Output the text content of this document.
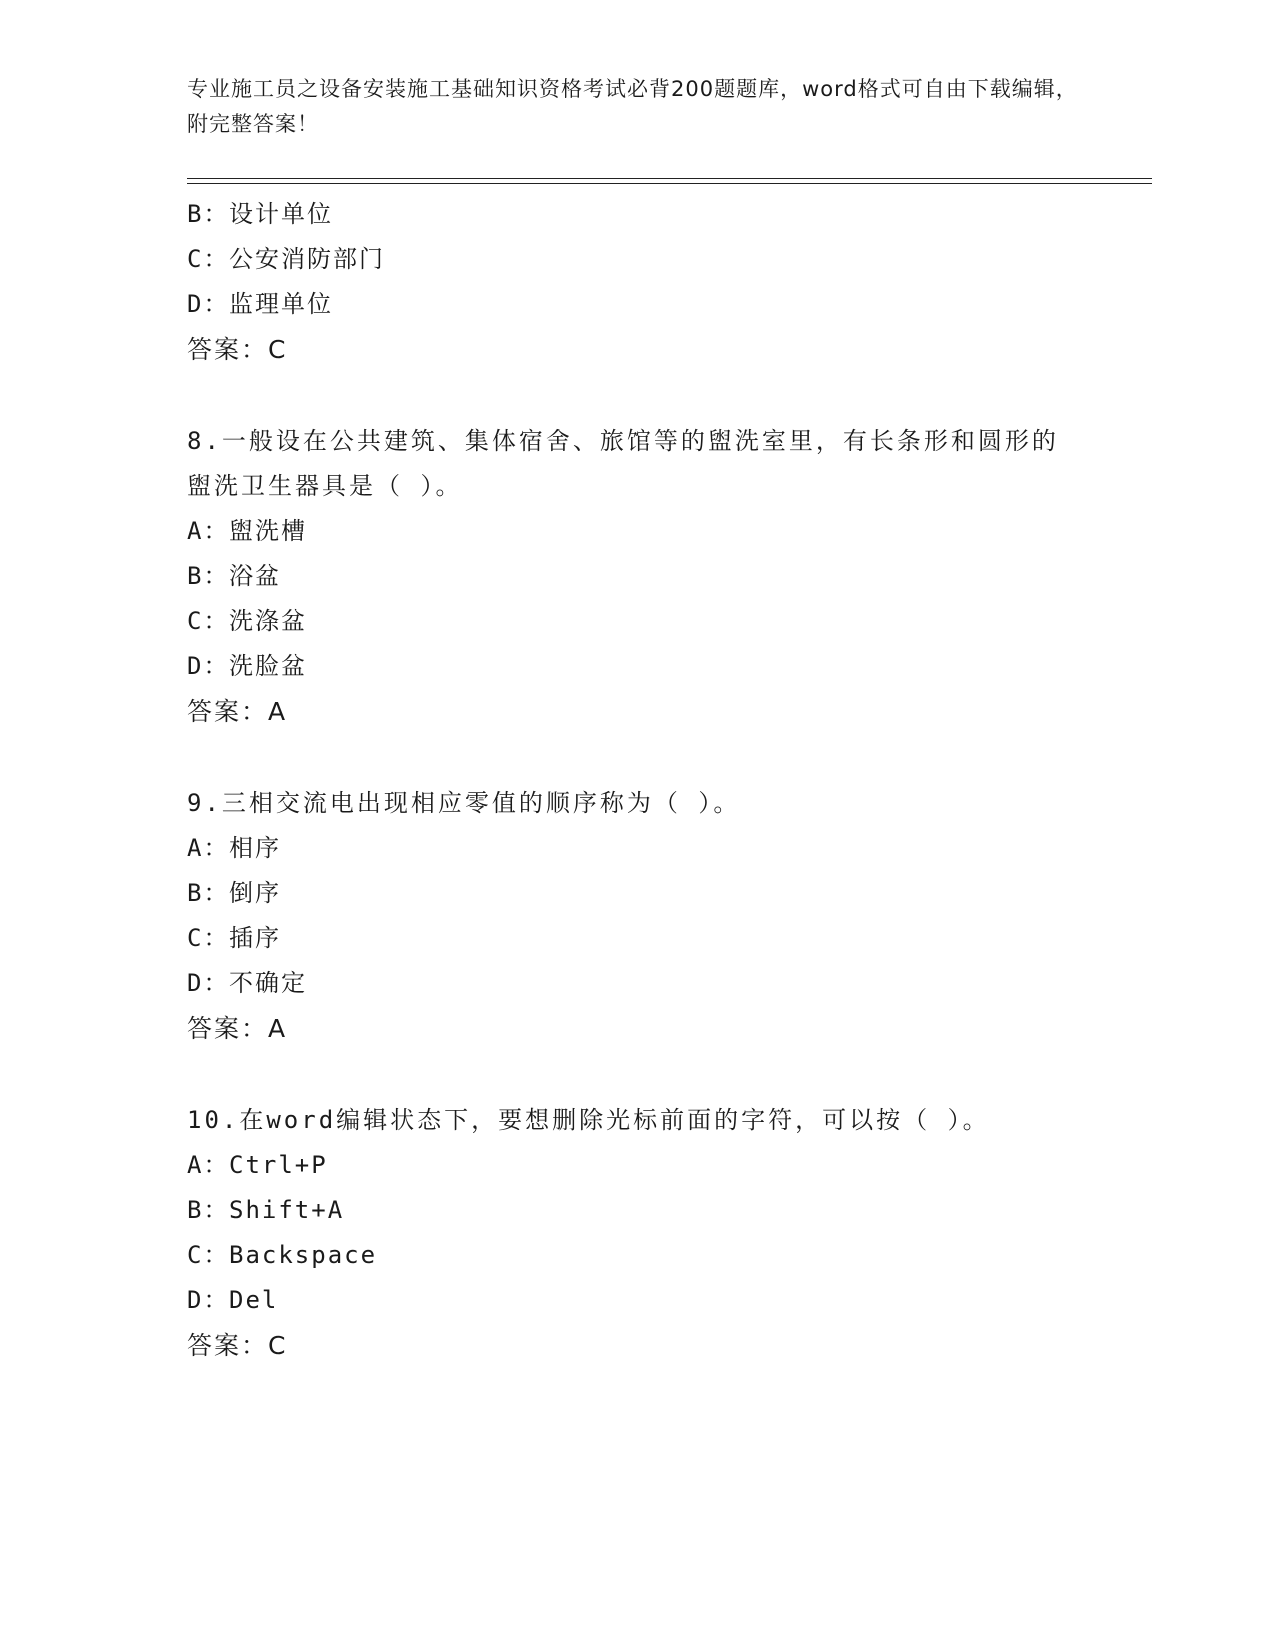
专业施工员之设备安装施工基础知识资格考试必背200题题库，word格式可自由下载编辑，附完整答案！
B：设计单位
C：公安消防部门
D：监理单位
答案：C
8.一般设在公共建筑、集体宿舍、旅馆等的盥洗室里，有长条形和圆形的盥洗卫生器具是（ ）。
A：盥洗槽
B：浴盆
C：洗涤盆
D：洗脸盆
答案：A
9.三相交流电出现相应零值的顺序称为（ ）。
A：相序
B：倒序
C：插序
D：不确定
答案：A
10.在word编辑状态下，要想删除光标前面的字符，可以按（ ）。
A：Ctrl+P
B：Shift+A
C：Backspace
D：Del
答案：C
